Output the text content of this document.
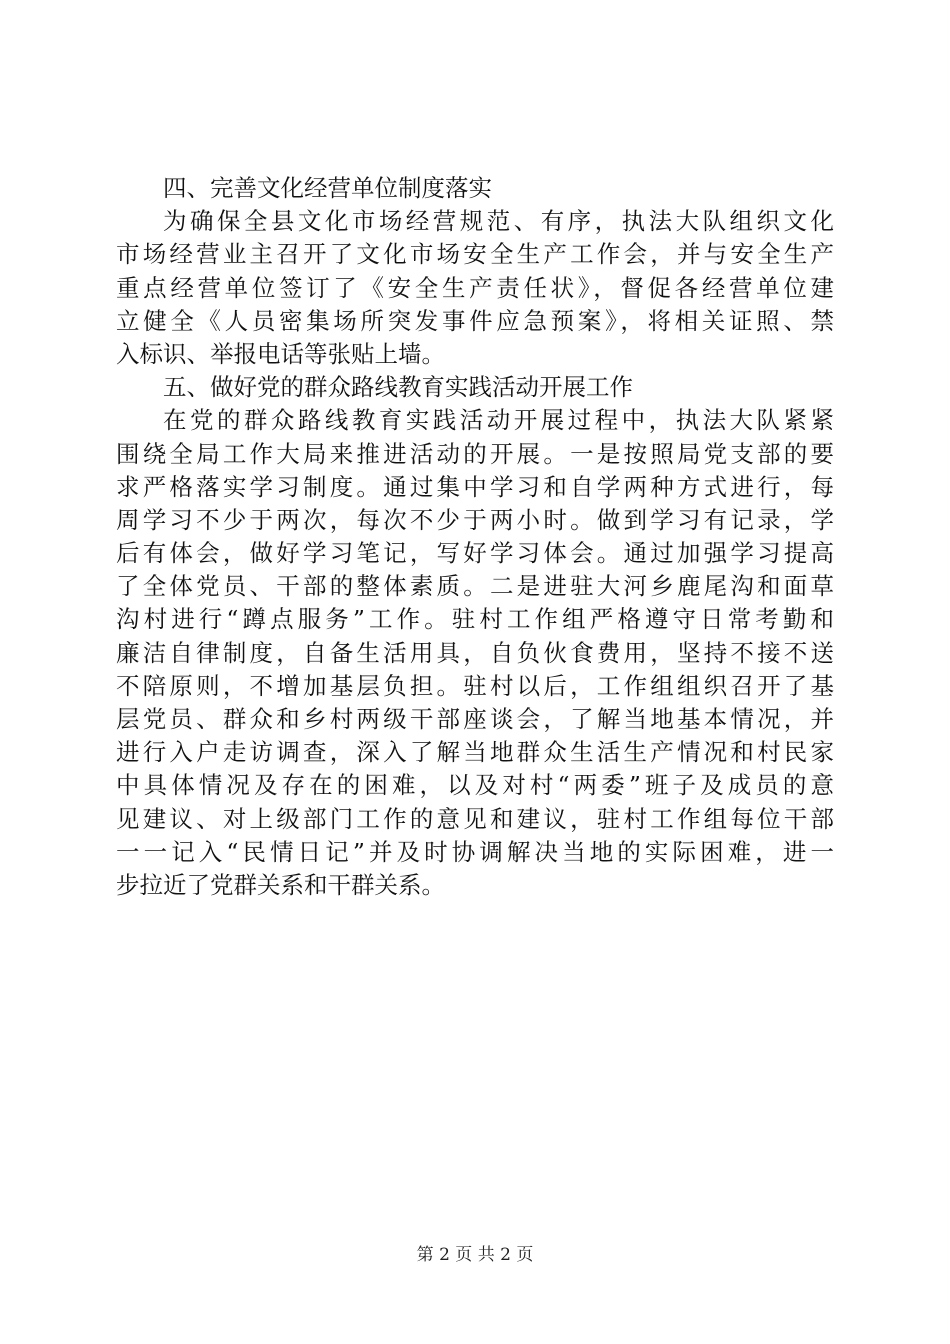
四、完善文化经营单位制度落实
为确保全县文化市场经营规范、有序，执法大队组织文化
市场经营业主召开了文化市场安全生产工作会，并与安全生产
重点经营单位签订了《安全生产责任状》，督促各经营单位建
立健全《人员密集场所突发事件应急预案》，将相关证照、禁
入标识、举报电话等张贴上墙。
五、做好党的群众路线教育实践活动开展工作
在党的群众路线教育实践活动开展过程中，执法大队紧紧
围绕全局工作大局来推进活动的开展。一是按照局党支部的要
求严格落实学习制度。通过集中学习和自学两种方式进行，每
周学习不少于两次，每次不少于两小时。做到学习有记录，学
后有体会，做好学习笔记，写好学习体会。通过加强学习提高
了全体党员、干部的整体素质。二是进驻大河乡鹿尾沟和面草
沟村进行“蹲点服务”工作。驻村工作组严格遵守日常考勤和
廉洁自律制度，自备生活用具，自负伙食费用，坚持不接不送
不陪原则，不增加基层负担。驻村以后，工作组组织召开了基
层党员、群众和乡村两级干部座谈会，了解当地基本情况，并
进行入户走访调查，深入了解当地群众生活生产情况和村民家
中具体情况及存在的困难，以及对村“两委”班子及成员的意
见建议、对上级部门工作的意见和建议，驻村工作组每位干部
一一记入“民情日记”并及时协调解决当地的实际困难，进一
步拉近了党群关系和干群关系。
第 2 页 共 2 页
